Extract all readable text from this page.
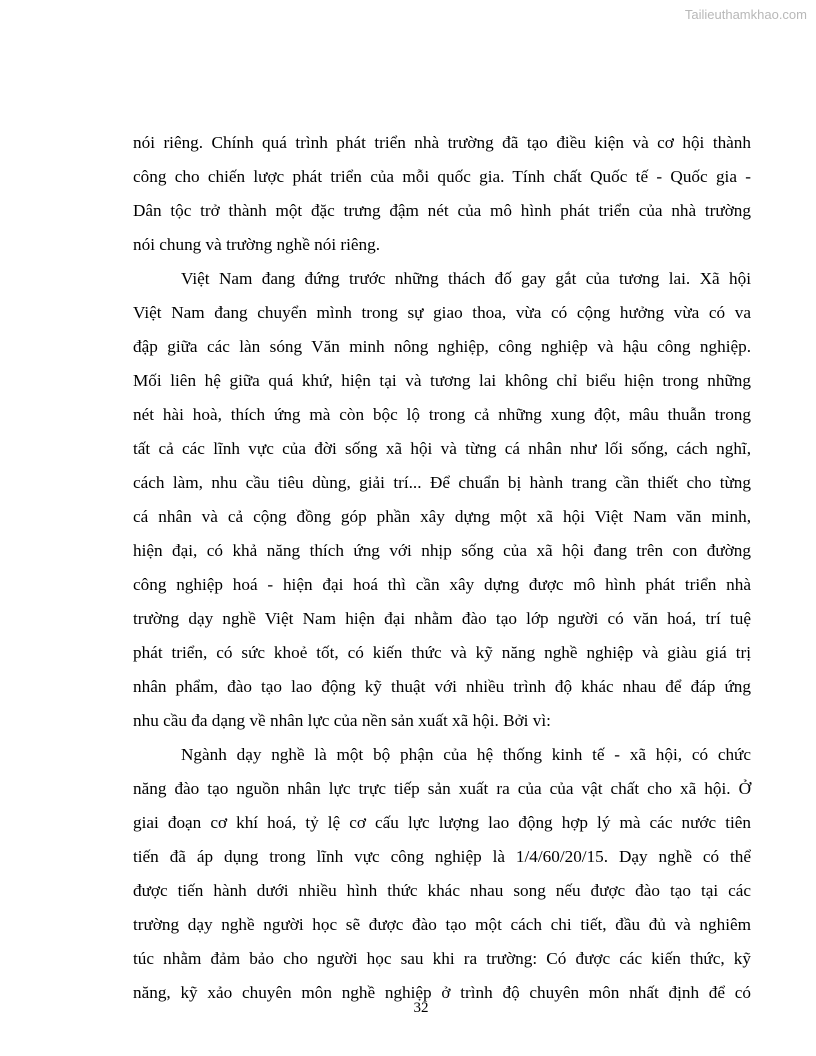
Tailieuthamkhao.com
nói riêng. Chính quá trình phát triển nhà trường đã tạo điều kiện và cơ hội thành
công cho chiến lược phát triển của mỗi quốc gia. Tính chất Quốc tế - Quốc gia -
Dân tộc trở thành một đặc trưng đậm nét của mô hình phát triển của nhà trường
nói chung và trường nghề nói riêng.
Việt Nam đang đứng trước những thách đố gay gắt của tương lai. Xã hội
Việt Nam đang chuyển mình trong sự giao thoa, vừa có cộng hưởng vừa có va
đập giữa các làn sóng Văn minh nông nghiệp, công nghiệp và hậu công nghiệp.
Mối liên hệ giữa quá khứ, hiện tại và tương lai không chỉ biểu hiện trong những
nét hài hoà, thích ứng mà còn bộc lộ trong cả những xung đột, mâu thuẫn trong
tất cả các lĩnh vực của đời sống xã hội và từng cá nhân như lối sống, cách nghĩ,
cách làm, nhu cầu tiêu dùng, giải trí... Để chuẩn bị hành trang cần thiết cho từng
cá nhân và cả cộng đồng góp phần xây dựng một xã hội Việt Nam văn minh,
hiện đại, có khả năng thích ứng với nhịp sống của xã hội đang trên con đường
công nghiệp hoá - hiện đại hoá thì cần xây dựng được mô hình phát triển nhà
trường dạy nghề Việt Nam hiện đại nhằm đào tạo lớp người có văn hoá, trí tuệ
phát triển, có sức khoẻ tốt, có kiến thức và kỹ năng nghề nghiệp và giàu giá trị
nhân phẩm, đào tạo lao động kỹ thuật với nhiều trình độ khác nhau để đáp ứng
nhu cầu đa dạng về nhân lực của nền sản xuất xã hội. Bởi vì:
Ngành dạy nghề là một bộ phận của hệ thống kinh tế - xã hội, có chức
năng đào tạo nguồn nhân lực trực tiếp sản xuất ra của của vật chất cho xã hội. Ở
giai đoạn cơ khí hoá, tỷ lệ cơ cấu lực lượng lao động hợp lý mà các nước tiên
tiến đã áp dụng trong lĩnh vực công nghiệp là 1/4/60/20/15. Dạy nghề có thể
được tiến hành dưới nhiều hình thức khác nhau song nếu được đào tạo tại các
trường dạy nghề người học sẽ được đào tạo một cách chi tiết, đầu đủ và nghiêm
túc nhằm đảm bảo cho người học sau khi ra trường: Có được các kiến thức, kỹ
năng, kỹ xảo chuyên môn nghề nghiệp ở trình độ chuyên môn nhất định để có
32
